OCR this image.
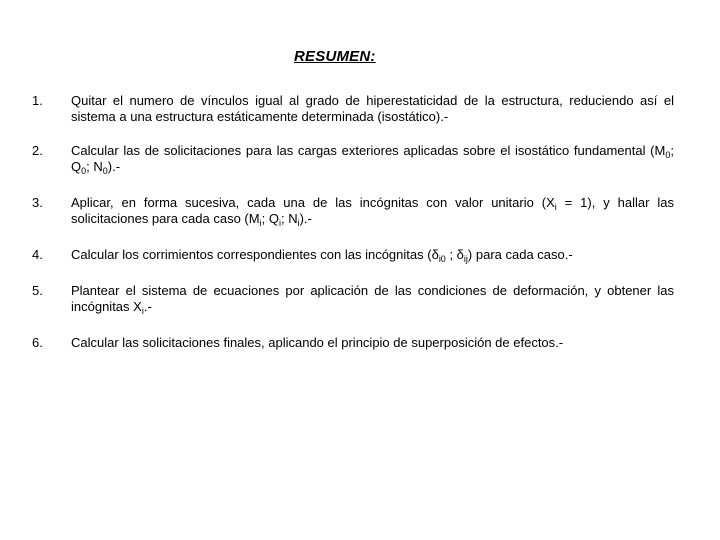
RESUMEN:
1.	Quitar el numero de vínculos igual al grado de hiperestaticidad de la estructura, reduciendo así el sistema a una estructura estáticamente determinada (isostático).-
2.	Calcular las de solicitaciones para las cargas exteriores aplicadas sobre el isostático fundamental ($M_0$; $Q_0$; $N_0).-$
3.	Aplicar, en forma sucesiva, cada una de las incógnitas con valor unitario $(X_i = 1)$, y hallar las solicitaciones para cada caso ($M_i$; $Q_i$; $N_i).-$
4.	Calcular los corrimientos correspondientes con las incógnitas ($\delta_{i0}$ ; $\delta_{ij}$) para cada caso.-
5.	Plantear el sistema de ecuaciones por aplicación de las condiciones de deformación, y obtener las incógnitas $X_i.-$
6.	Calcular las solicitaciones finales, aplicando el principio de superposición de efectos.-
